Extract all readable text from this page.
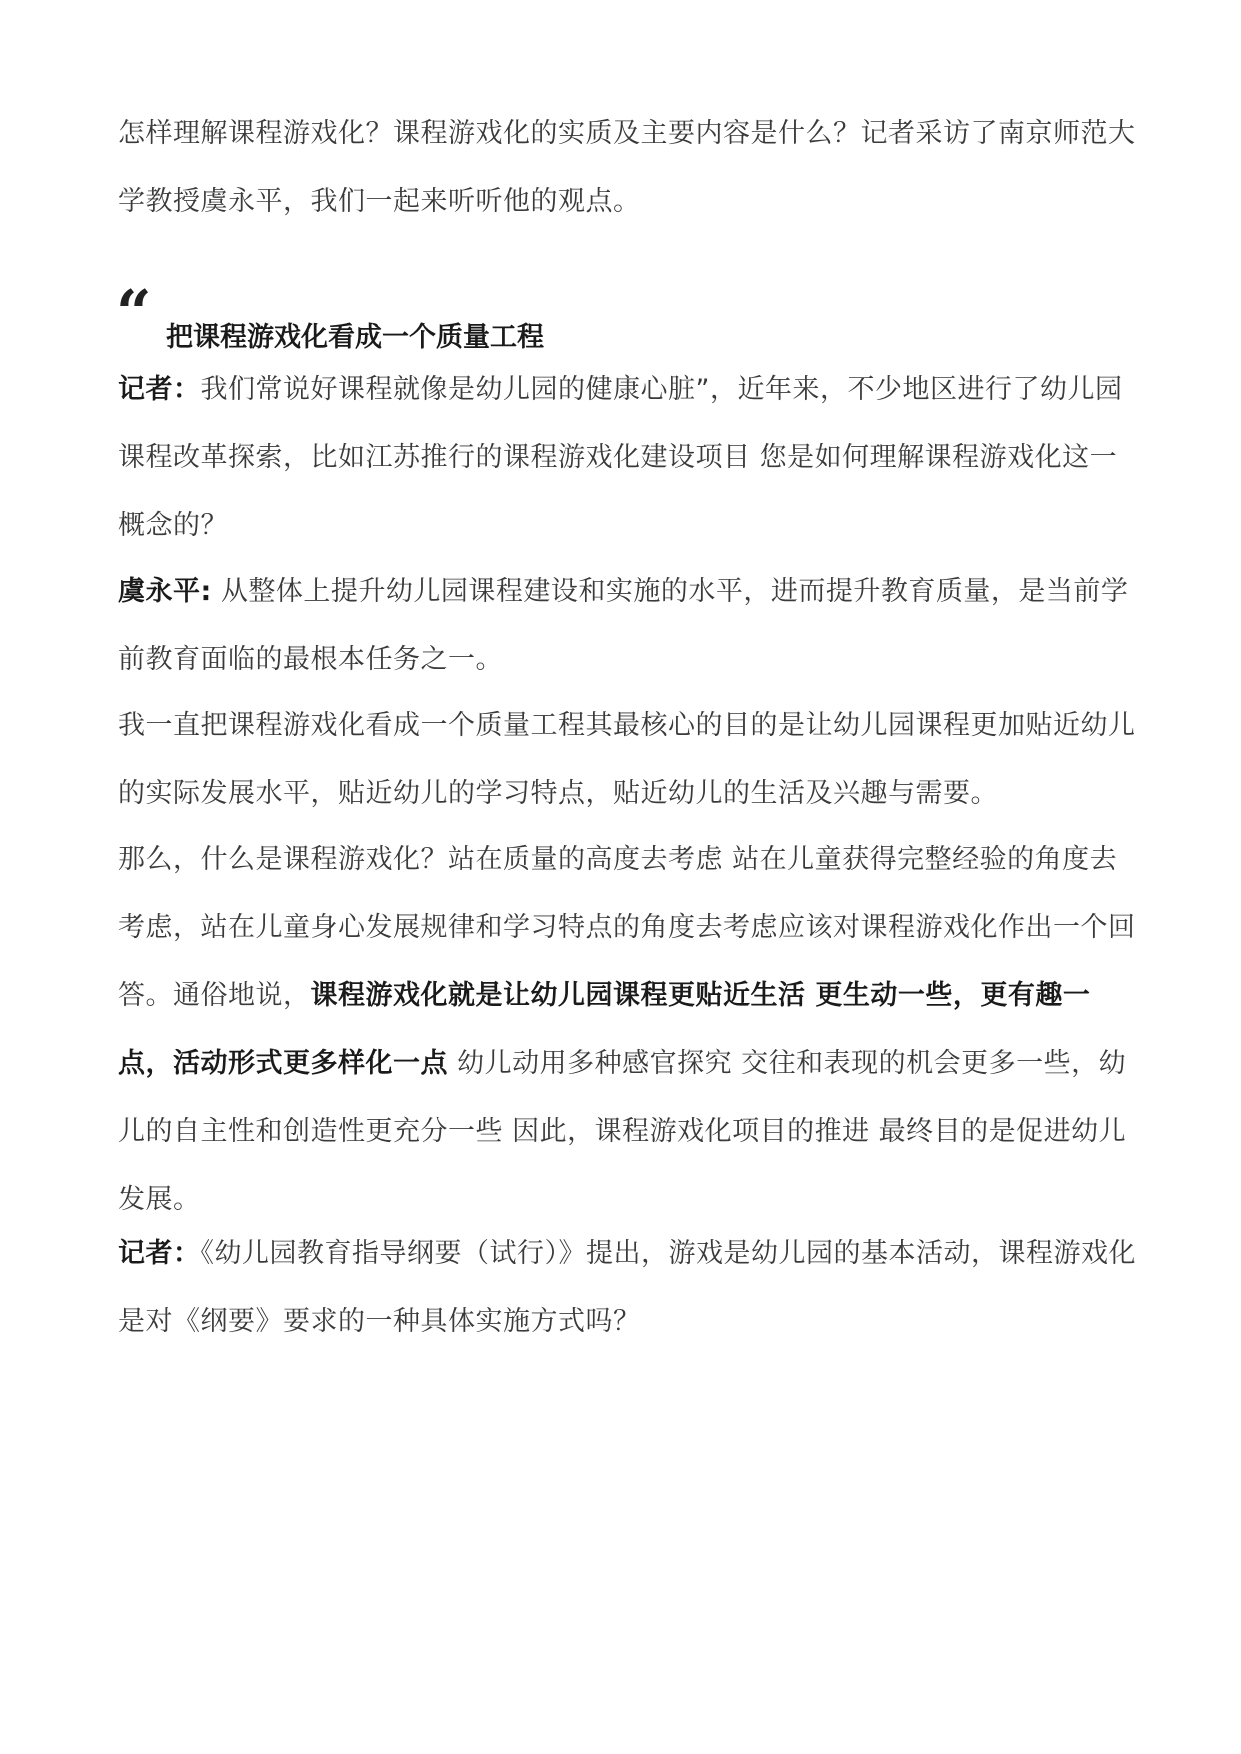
怎样理解课程游戏化？课程游戏化的实质及主要内容是什么？记者采访了南京师范大学教授虞永平，我们一起来听听他的观点。

“ 把课程游戏化看成一个质量工程

记者：我们常说好课程就像是幼儿园的健康心脏”，近年来，不少地区进行了幼儿园课程改革探索，比如江苏推行的课程游戏化建设项目 您是如何理解课程游戏化这一概念的？

虞永平: 从整体上提升幼儿园课程建设和实施的水平，进而提升教育质量，是当前学前教育面临的最根本任务之一。

我一直把课程游戏化看成一个质量工程其最核心的目的是让幼儿园课程更加贴近幼儿的实际发展水平，贴近幼儿的学习特点，贴近幼儿的生活及兴趣与需要。

那么，什么是课程游戏化？站在质量的高度去考虑 站在儿童获得完整经验的角度去考虑，站在儿童身心发展规律和学习特点的角度去考虑应该对课程游戏化作出一个回答。通俗地说，课程游戏化就是让幼儿园课程更贴近生活 更生动一些，更有趣一点，活动形式更多样化一点 幼儿动用多种感官探究 交往和表现的机会更多一些，幼儿的自主性和创造性更充分一些 因此，课程游戏化项目的推进 最终目的是促进幼儿发展。

记者：《幼儿园教育指导纲要（试行）》提出，游戏是幼儿园的基本活动，课程游戏化是对《纲要》要求的一种具体实施方式吗？
